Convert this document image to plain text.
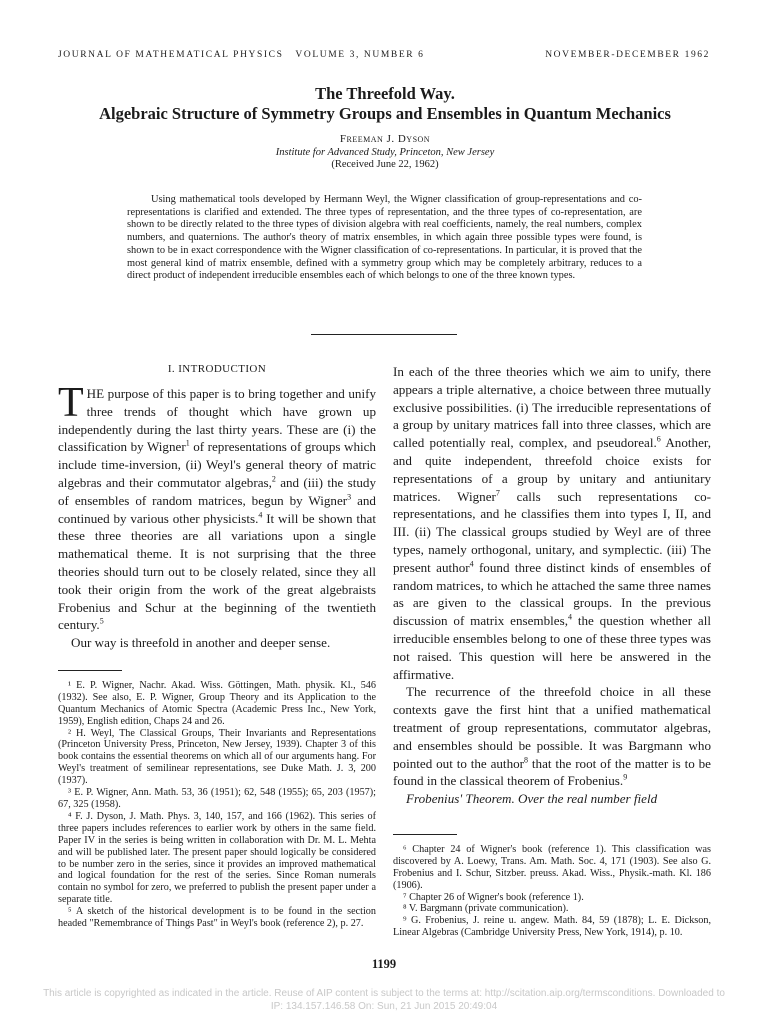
JOURNAL OF MATHEMATICAL PHYSICS VOLUME 3, NUMBER 6	NOVEMBER-DECEMBER 1962
The Threefold Way.
Algebraic Structure of Symmetry Groups and Ensembles in Quantum Mechanics
Freeman J. Dyson
Institute for Advanced Study, Princeton, New Jersey
(Received June 22, 1962)

Using mathematical tools developed by Hermann Weyl, the Wigner classification of group-representations and co-representations is clarified and extended. The three types of representation, and the three types of co-representation, are shown to be directly related to the three types of division algebra with real coefficients, namely, the real numbers, complex numbers, and quaternions. The author's theory of matrix ensembles, in which again three possible types were found, is shown to be in exact correspondence with the Wigner classification of co-representations. In particular, it is proved that the most general kind of matrix ensemble, defined with a symmetry group which may be completely arbitrary, reduces to a direct product of independent irreducible ensembles each of which belongs to one of the three known types.

I. INTRODUCTION

THE purpose of this paper is to bring together and unify three trends of thought which have grown up independently during the last thirty years. These are (i) the classification by Wigner$^1$ of representations of groups which include time-inversion, (ii) Weyl's general theory of matric algebras and their commutator algebras,$^2$ and (iii) the study of ensembles of random matrices, begun by Wigner$^3$ and continued by various other physicists.$^4$ It will be shown that these three theories are all variations upon a single mathematical theme. It is not surprising that the three theories should turn out to be closely related, since they all took their origin from the work of the great algebraists Frobenius and Schur at the beginning of the twentieth century.$^5$

Our way is threefold in another and deeper sense.

¹ E. P. Wigner, Nachr. Akad. Wiss. Göttingen, Math. physik. Kl., 546 (1932). See also, E. P. Wigner, Group Theory and its Application to the Quantum Mechanics of Atomic Spectra (Academic Press Inc., New York, 1959), English edition, Chaps 24 and 26.

² H. Weyl, The Classical Groups, Their Invariants and Representations (Princeton University Press, Princeton, New Jersey, 1939). Chapter 3 of this book contains the essential theorems on which all of our arguments hang. For Weyl's treatment of semilinear representations, see Duke Math. J. 3, 200 (1937).

³ E. P. Wigner, Ann. Math. 53, 36 (1951); 62, 548 (1955); 65, 203 (1957); 67, 325 (1958).

⁴ F. J. Dyson, J. Math. Phys. 3, 140, 157, and 166 (1962). This series of three papers includes references to earlier work by others in the same field. Paper IV in the series is being written in collaboration with Dr. M. L. Mehta and will be published later. The present paper should logically be considered to be number zero in the series, since it provides an improved mathematical and logical foundation for the rest of the series. Since Roman numerals contain no symbol for zero, we preferred to publish the present paper under a separate title.

⁵ A sketch of the historical development is to be found in the section headed "Remembrance of Things Past" in Weyl's book (reference 2), p. 27.

In each of the three theories which we aim to unify, there appears a triple alternative, a choice between three mutually exclusive possibilities. (i) The irreducible representations of a group by unitary matrices fall into three classes, which are called potentially real, complex, and pseudoreal.$^6$ Another, and quite independent, threefold choice exists for representations of a group by unitary and antiunitary matrices. Wigner$^7$ calls such representations co-representations, and he classifies them into types I, II, and III. (ii) The classical groups studied by Weyl are of three types, namely orthogonal, unitary, and symplectic. (iii) The present author$^4$ found three distinct kinds of ensembles of random matrices, to which he attached the same three names as are given to the classical groups. In the previous discussion of matrix ensembles,$^4$ the question whether all irreducible ensembles belong to one of these three types was not raised. This question will here be answered in the affirmative.

The recurrence of the threefold choice in all these contexts gave the first hint that a unified mathematical treatment of group representations, commutator algebras, and ensembles should be possible. It was Bargmann who pointed out to the author$^8$ that the root of the matter is to be found in the classical theorem of Frobenius.$^9$

Frobenius' Theorem. Over the real number field

⁶ Chapter 24 of Wigner's book (reference 1). This classification was discovered by A. Loewy, Trans. Am. Math. Soc. 4, 171 (1903). See also G. Frobenius and I. Schur, Sitzber. preuss. Akad. Wiss., Physik.-math. Kl. 186 (1906).

⁷ Chapter 26 of Wigner's book (reference 1).

⁸ V. Bargmann (private communication).

⁹ G. Frobenius, J. reine u. angew. Math. 84, 59 (1878); L. E. Dickson, Linear Algebras (Cambridge University Press, New York, 1914), p. 10.

1199
This article is copyrighted as indicated in the article. Reuse of AIP content is subject to the terms at: http://scitation.aip.org/termsconditions. Downloaded to
IP: 134.157.146.58 On: Sun, 21 Jun 2015 20:49:04
